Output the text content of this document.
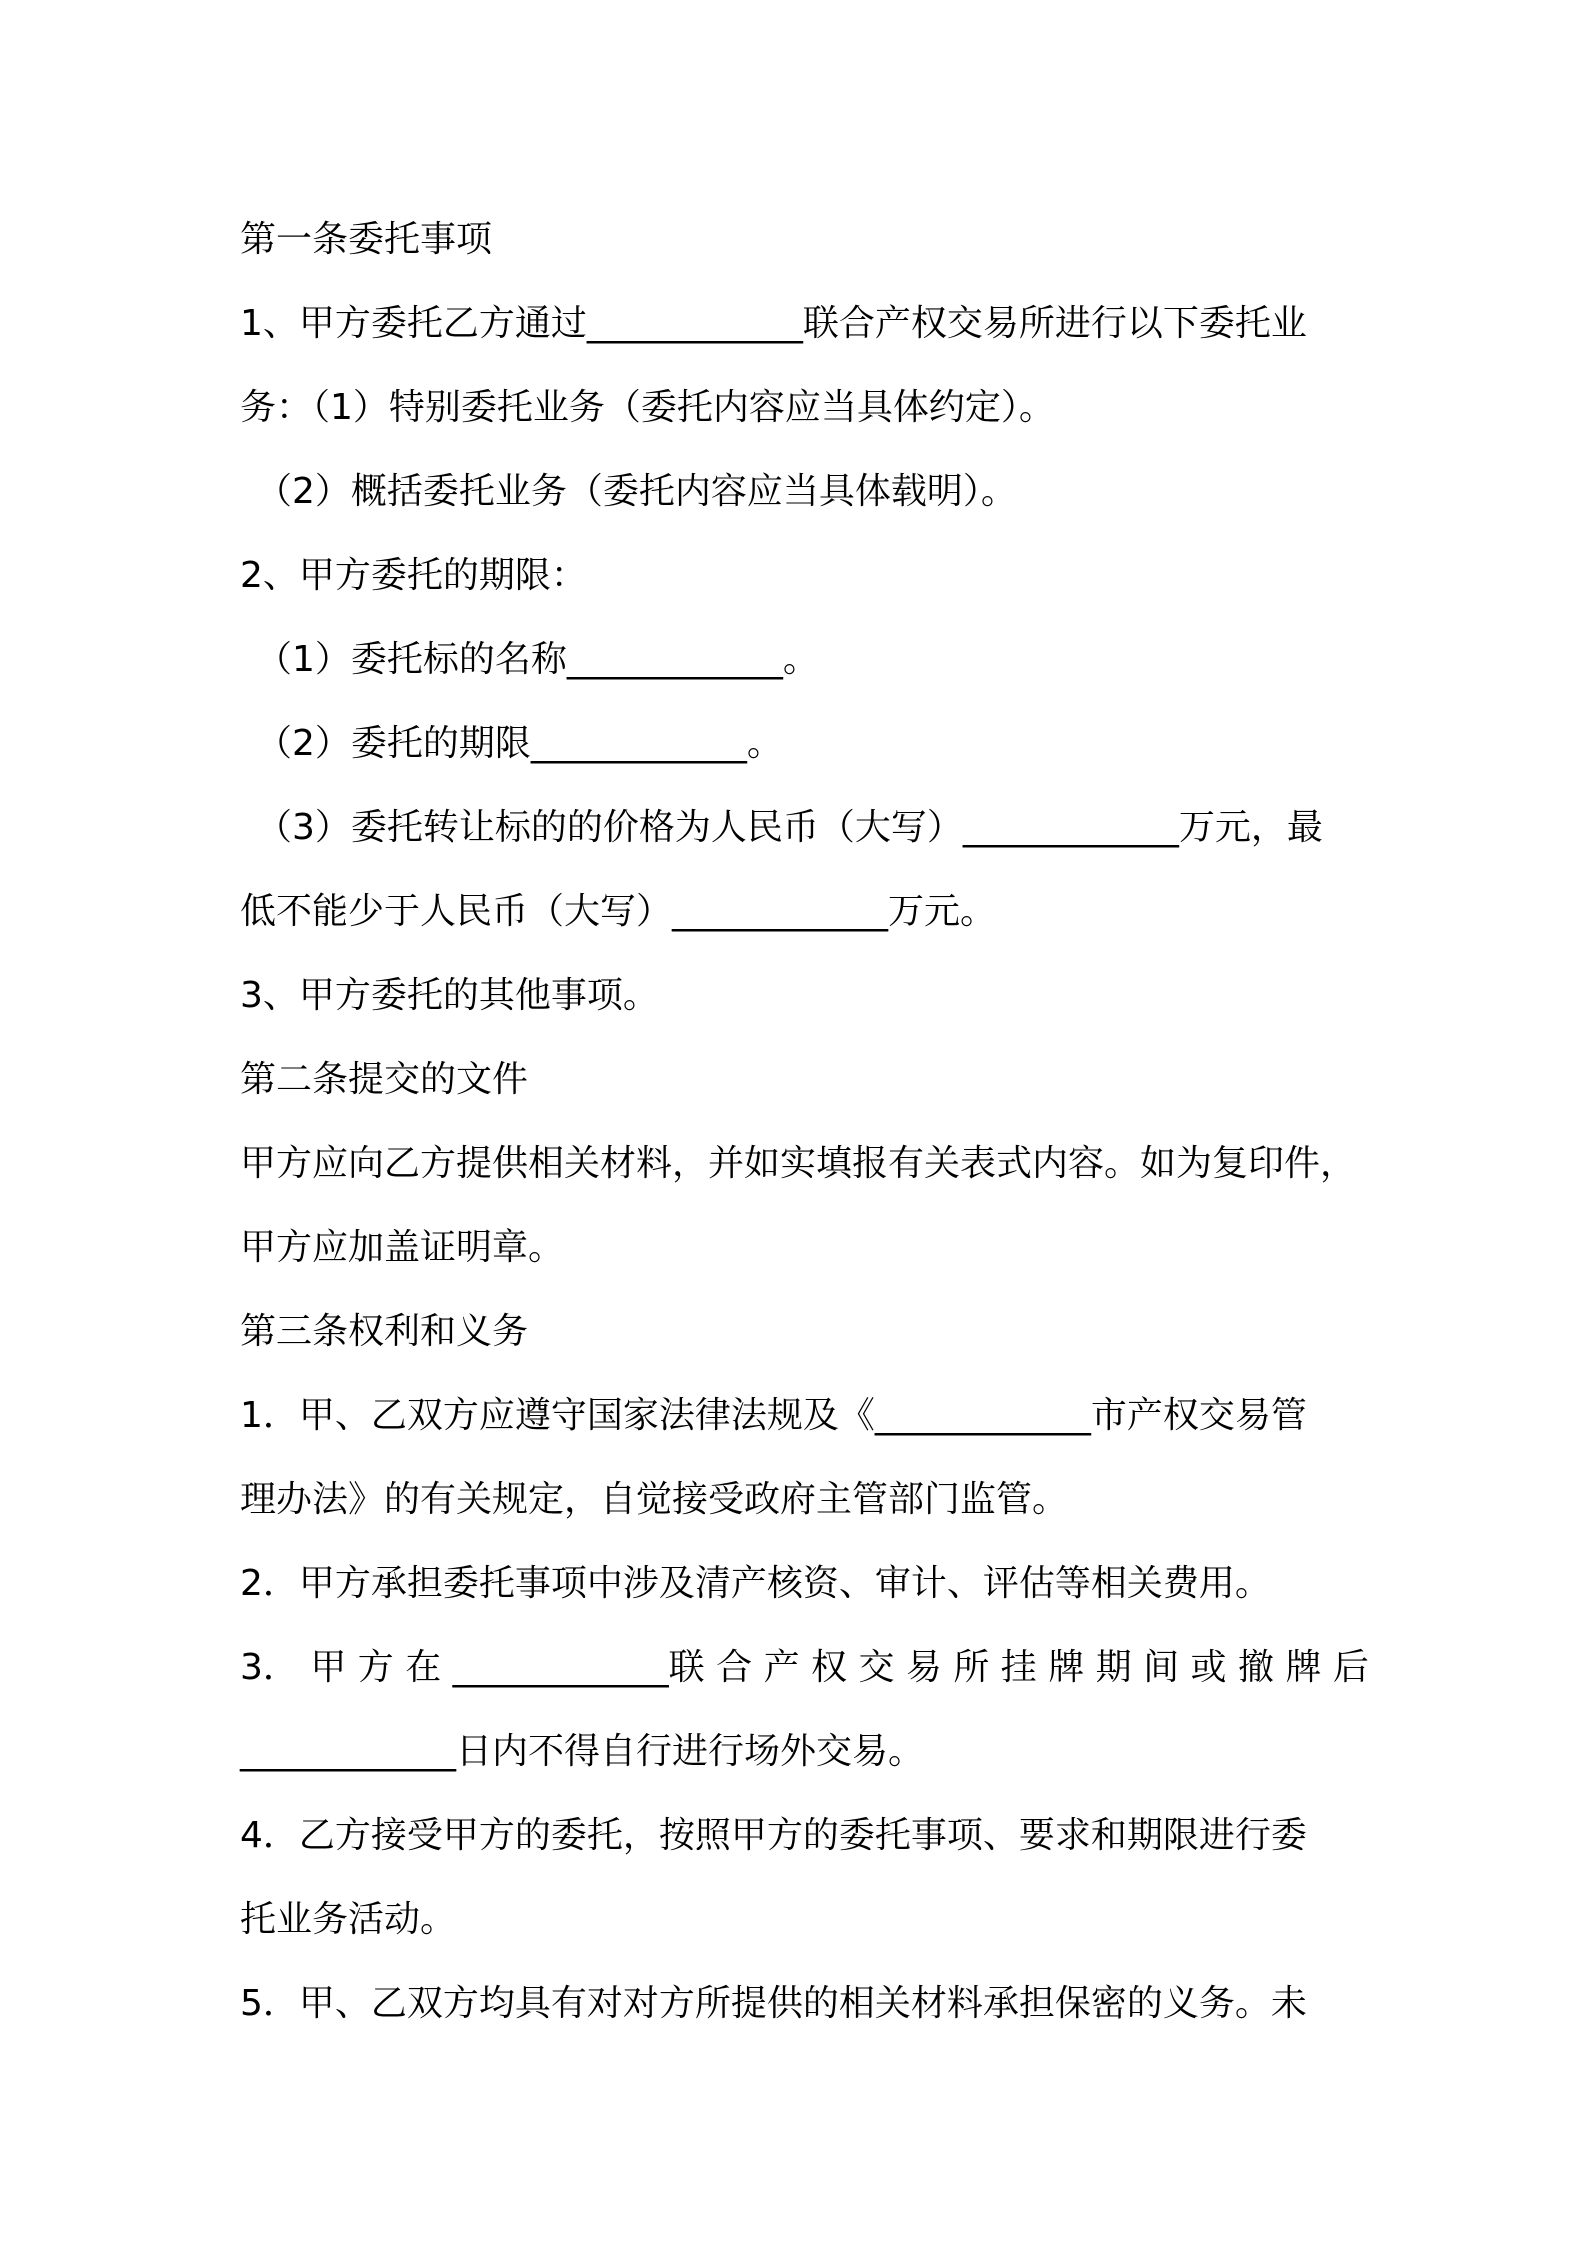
第一条委托事项
1、甲方委托乙方通过____________联合产权交易所进行以下委托业
务：（1）特别委托业务（委托内容应当具体约定）。
（2）概括委托业务（委托内容应当具体载明）。
2、甲方委托的期限：
（1）委托标的名称____________。
（2）委托的期限____________。
（3）委托转让标的的价格为人民币（大写）____________万元，最
低不能少于人民币（大写）____________万元。
3、甲方委托的其他事项。
第二条提交的文件
甲方应向乙方提供相关材料，并如实填报有关表式内容。如为复印件，
甲方应加盖证明章。
第三条权利和义务
1．甲、乙双方应遵守国家法律法规及《____________市产权交易管
理办法》的有关规定，自觉接受政府主管部门监管。
2．甲方承担委托事项中涉及清产核资、审计、评估等相关费用。
3． 甲 方 在 ____________联 合 产 权 交 易 所 挂 牌 期 间 或 撤 牌 后
____________日内不得自行进行场外交易。
4．乙方接受甲方的委托，按照甲方的委托事项、要求和期限进行委
托业务活动。
5．甲、乙双方均具有对对方所提供的相关材料承担保密的义务。未
